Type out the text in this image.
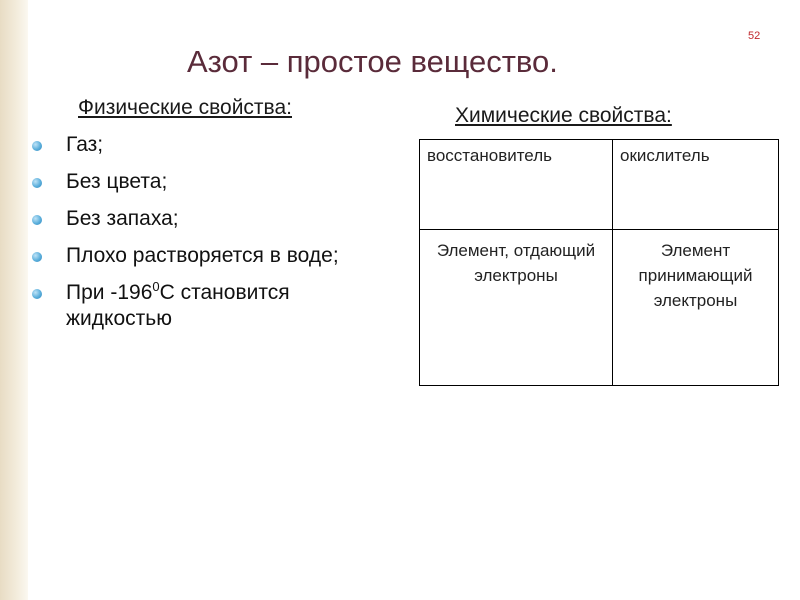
52
Азот – простое вещество.
Физические свойства:
Газ;
Без цвета;
Без запаха;
Плохо растворяется в воде;
При $-196^0С$ становится жидкостью
Химические свойства:
восстановитель	окислитель
Элемент, отдающий электроны	Элемент принимающий электроны
